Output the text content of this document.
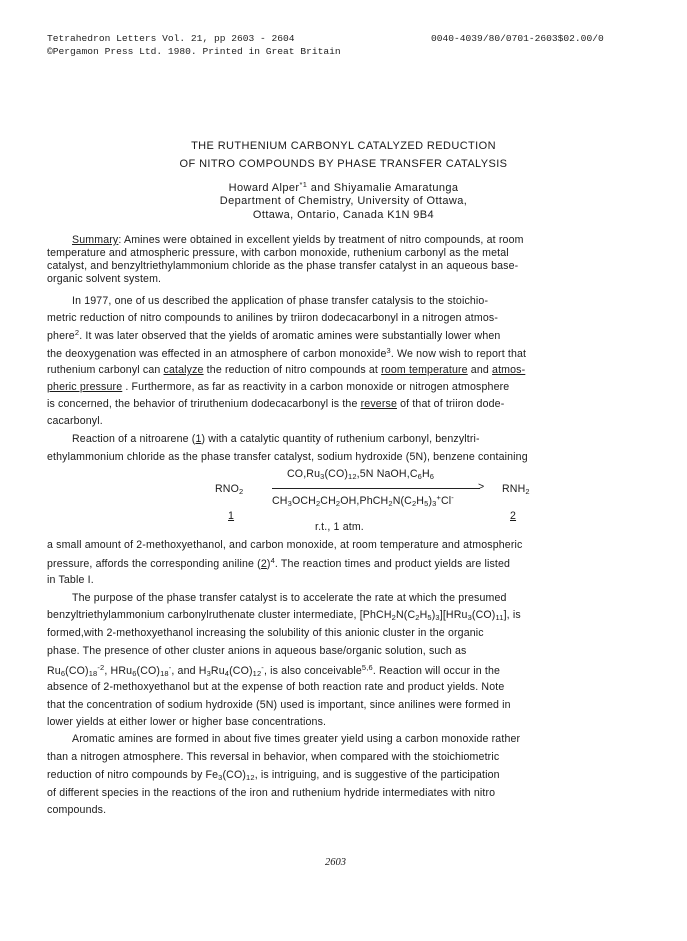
Tetrahedron Letters Vol. 21, pp 2603 - 2604
©Pergamon Press Ltd. 1980. Printed in Great Britain
0040-4039/80/0701-2603$02.00/0
THE RUTHENIUM CARBONYL CATALYZED REDUCTION
OF NITRO COMPOUNDS BY PHASE TRANSFER CATALYSIS
Howard Alper$^{*1}$ and Shiyamalie Amaratunga
Department of Chemistry, University of Ottawa,
Ottawa, Ontario, Canada K1N 9B4
Summary: Amines were obtained in excellent yields by treatment of nitro compounds, at room
temperature and atmospheric pressure, with carbon monoxide, ruthenium carbonyl as the metal
catalyst, and benzyltriethylammonium chloride as the phase transfer catalyst in an aqueous base-
organic solvent system.
In 1977, one of us described the application of phase transfer catalysis to the stoichio-
metric reduction of nitro compounds to anilines by triiron dodecacarbonyl in a nitrogen atmos-
phere$^2$. It was later observed that the yields of aromatic amines were substantially lower when
the deoxygenation was effected in an atmosphere of carbon monoxide$^3$. We now wish to report that
ruthenium carbonyl can catalyze the reduction of nitro compounds at room temperature and atmos-
pheric pressure . Furthermore, as far as reactivity in a carbon monoxide or nitrogen atmosphere
is concerned, the behavior of triruthenium dodecacarbonyl is the reverse of that of triiron dode-
cacarbonyl.
Reaction of a nitroarene (1) with a catalytic quantity of ruthenium carbonyl, benzyltri-
ethylammonium chloride as the phase transfer catalyst, sodium hydroxide (5N), benzene containing
$CO,Ru_3(CO)_{12},5N$ $NaOH,C_6H_6$
$RNO_2$	> $RNH_2$
$CH_3OCH_2CH_2OH,PhCH_2N(C_2H_5)_3^+Cl^-$
1	2
r.t., 1 atm.
a small amount of 2-methoxyethanol, and carbon monoxide, at room temperature and atmospheric
pressure, affords the corresponding aniline $(2)^4$. The reaction times and product yields are listed
in Table I.
The purpose of the phase transfer catalyst is to accelerate the rate at which the presumed
benzyltriethylammonium carbonylruthenate cluster intermediate, $[PhCH_2N(C_2H_5)_3][HRu_3(CO)_{11}]$, is
formed,with 2-methoxyethanol increasing the solubility of this anionic cluster in the organic
phase. The presence of other cluster anions in aqueous base/organic solution, such as
$Ru_6(CO)_{18}^{-2}$, $HRu_6(CO)_{18}^-$, and $H_3Ru_4(CO)_{12}^-$, is also conceivable$^{5,6}$. Reaction will occur in the
absence of 2-methoxyethanol but at the expense of both reaction rate and product yields. Note
that the concentration of sodium hydroxide (5N) used is important, since anilines were formed in
lower yields at either lower or higher base concentrations.
Aromatic amines are formed in about five times greater yield using a carbon monoxide rather
than a nitrogen atmosphere. This reversal in behavior, when compared with the stoichiometric
reduction of nitro compounds by $Fe_3(CO)_{12}$, is intriguing, and is suggestive of the participation
of different species in the reactions of the iron and ruthenium hydride intermediates with nitro
compounds.
2603
